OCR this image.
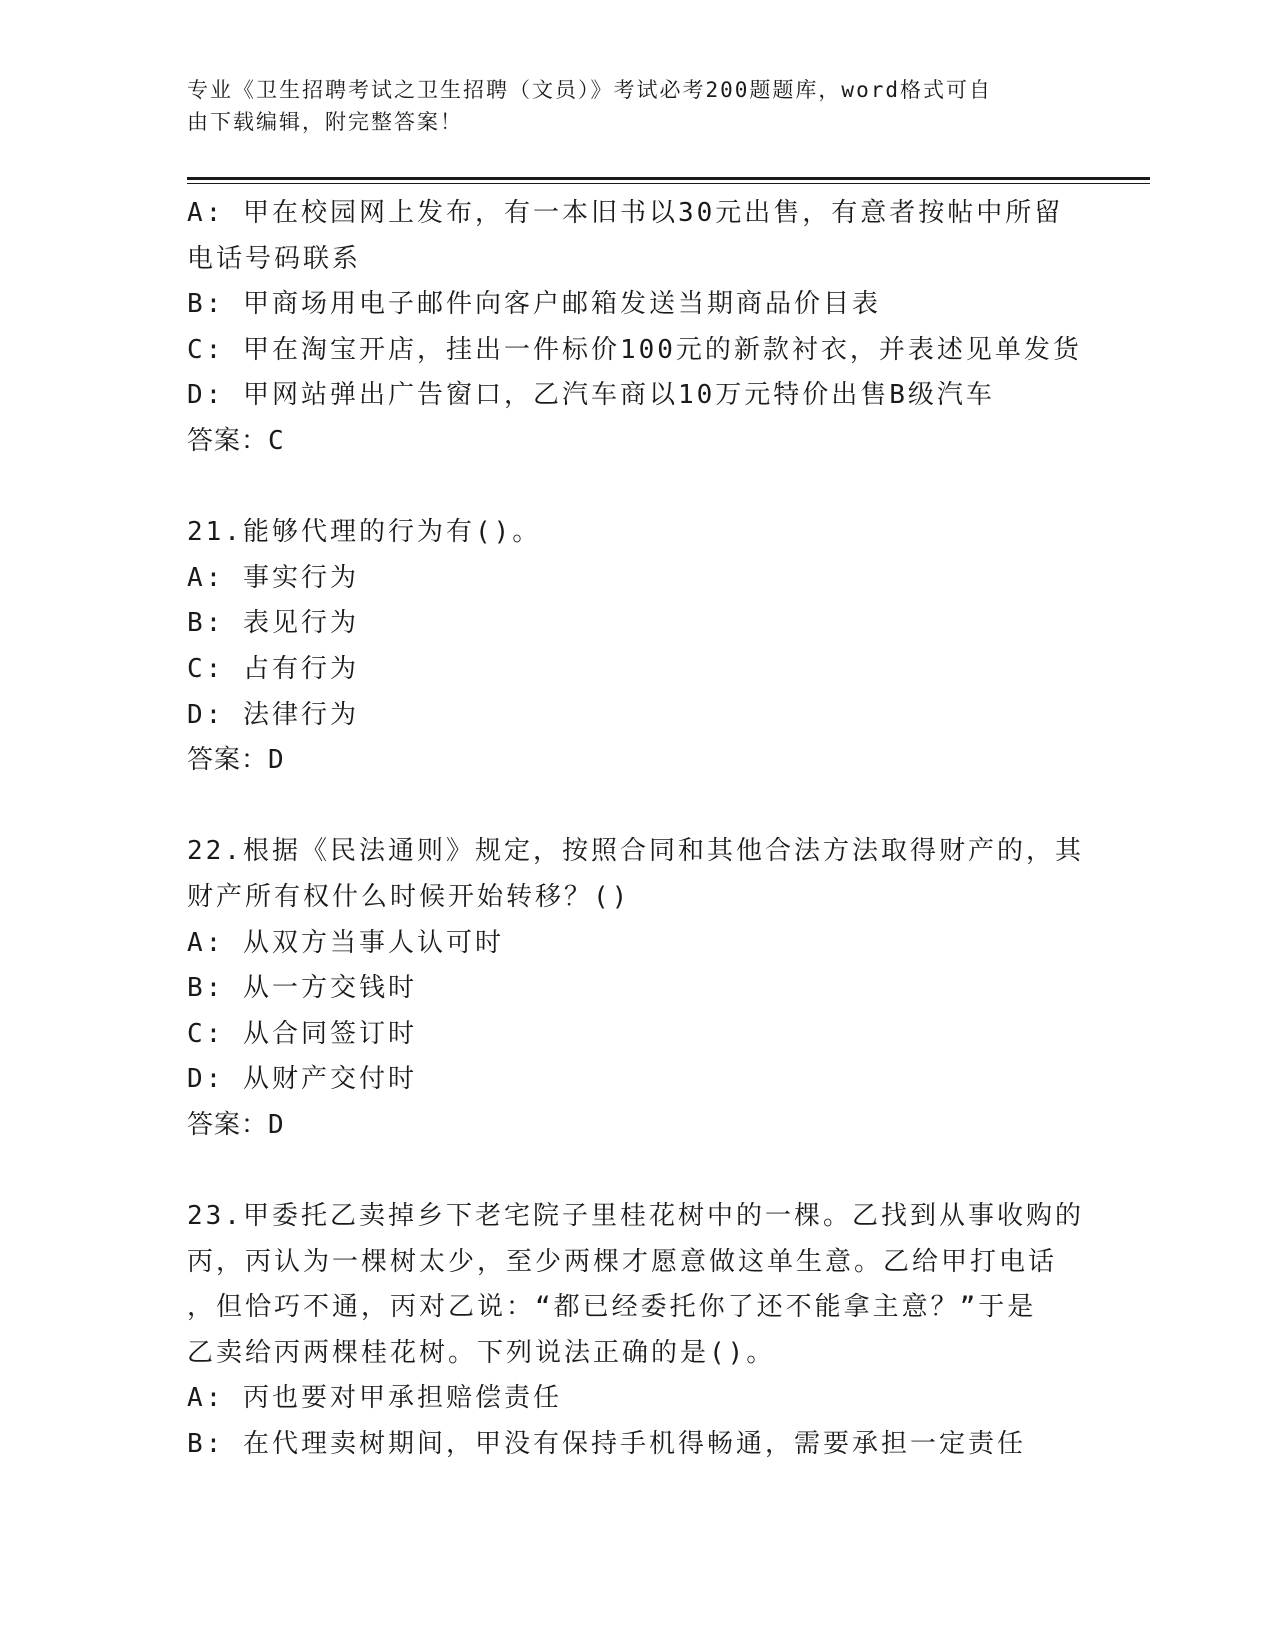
专业《卫生招聘考试之卫生招聘（文员）》考试必考200题题库，word格式可自
由下载编辑，附完整答案！
A: 甲在校园网上发布，有一本旧书以30元出售，有意者按帖中所留
电话号码联系
B: 甲商场用电子邮件向客户邮箱发送当期商品价目表
C: 甲在淘宝开店，挂出一件标价100元的新款衬衣，并表述见单发货
D: 甲网站弹出广告窗口，乙汽车商以10万元特价出售B级汽车
答案：C
21.能够代理的行为有()。
A: 事实行为
B: 表见行为
C: 占有行为
D: 法律行为
答案：D
22.根据《民法通则》规定，按照合同和其他合法方法取得财产的，其
财产所有权什么时候开始转移？()
A: 从双方当事人认可时
B: 从一方交钱时
C: 从合同签订时
D: 从财产交付时
答案：D
23.甲委托乙卖掉乡下老宅院子里桂花树中的一棵。乙找到从事收购的
丙，丙认为一棵树太少，至少两棵才愿意做这单生意。乙给甲打电话
，但恰巧不通，丙对乙说：“都已经委托你了还不能拿主意？”于是
乙卖给丙两棵桂花树。下列说法正确的是()。
A: 丙也要对甲承担赔偿责任
B: 在代理卖树期间，甲没有保持手机得畅通，需要承担一定责任
